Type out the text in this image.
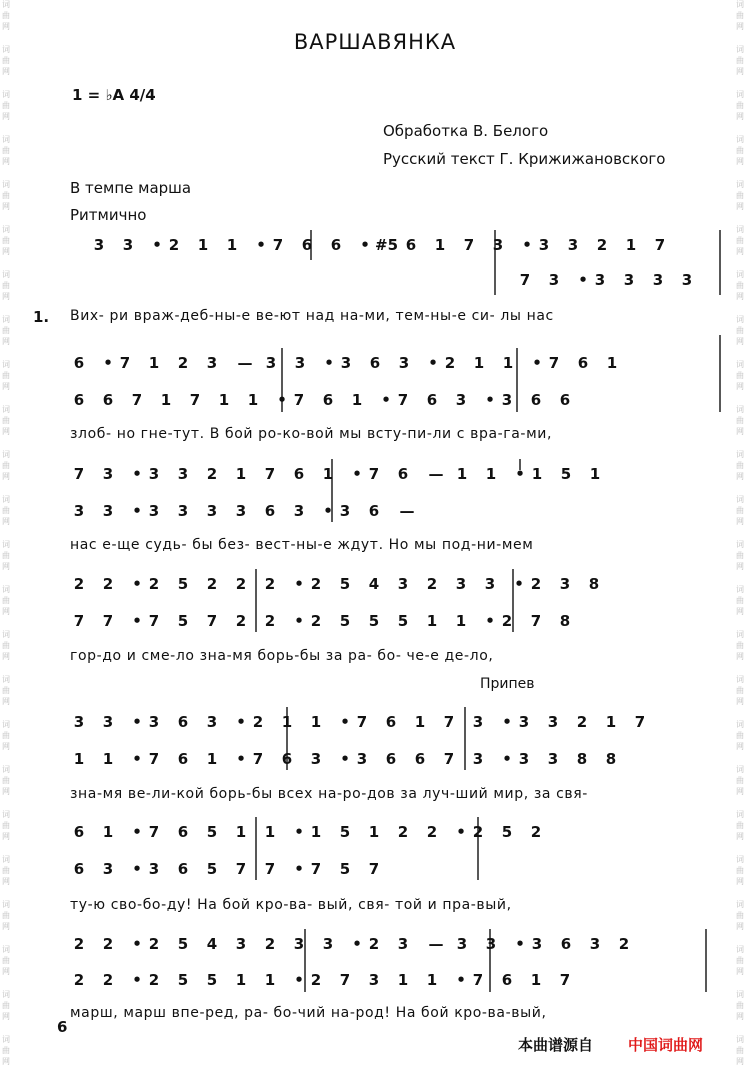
词
曲
网
词
曲
网
词
曲
网
词
曲
网
词
曲
网
词
曲
网
词
曲
网
词
曲
网
词
曲
网
词
曲
网
词
曲
网
词
曲
网
词
曲
网
词
曲
网
词
曲
网
词
曲
网
词
曲
网
词
曲
网
词
曲
网
词
曲
网
词
曲
网
词
曲
网
词
曲
网
词
曲
网
词
曲
网
词
曲
网
词
曲
网
词
曲
网
词
曲
网
词
曲
网
词
曲
网
词
曲
网
词
曲
网
词
曲
网
词
曲
网
词
曲
网
词
曲
网
词
曲
网
词
曲
网
词
曲
网
词
曲
网
词
曲
网
词
曲
网
词
曲
网
词
曲
网
词
曲
网
词
曲
网
词
曲
网
ВАРШАВЯНКА
1 = ♭A 4/4
Обработка В. Белого
Русский текст Г. Крижижановского
В темпе марша
Ритмично
3 3 • 2 1 1 • 7 6 6 • #5 6 1 7 3 • 3 3 2 1 7
7 3 • 3 3 3 3
6 • 7 1 2 3 — 3 3 • 3 6 3 • 2 1 1 • 7 6 1
6 6 7 1 7 1 1 • 7 6 1 • 7 6 3 • 3 6 6
7 3 • 3 3 2 1 7 6 1 • 7 6 — 1 1 • 1 5 1
3 3 • 3 3 3 3 6 3 • 3 6 —
2 2 • 2 5 2 2 2 • 2 5 4 3 2 3 3 • 2 3 8
7 7 • 7 5 7 2 2 • 2 5 5 5 1 1 • 2 7 8
3 3 • 3 6 3 • 2 1 1 • 7 6 1 7 3 • 3 3 2 1 7
1 1 • 7 6 1 • 7 6 3 • 3 6 6 7 3 • 3 3 8 8
6 1 • 7 6 5 1 1 • 1 5 1 2 2 • 2 5 2
6 3 • 3 6 5 7 7 • 7 5 7
2 2 • 2 5 4 3 2 3 3 • 2 3 — 3 3 • 3 6 3 2
2 2 • 2 5 5 1 1 • 2 7 3 1 1 • 7 6 1 7
1. Вих- ри враж-деб-ны-е ве-ют над на-ми, тем-ны-е си- лы нас
злоб- но гне-тут. В бой ро-ко-вой мы всту-пи-ли с вра-га-ми,
нас е-ще судь- бы без- вест-ны-е ждут. Но мы под-ни-мем
гор-до и сме-ло зна-мя борь-бы за ра- бо- че-е де-ло,
Припев
зна-мя ве-ли-кой борь-бы всех на-ро-дов за луч-ший мир, за свя-
ту-ю сво-бо-ду! На бой кро-ва- вый, свя- той и пра-вый,
марш, марш впе-ред, ра- бо-чий на-род! На бой кро-ва-вый,
6
本曲谱源自 中国词曲网
